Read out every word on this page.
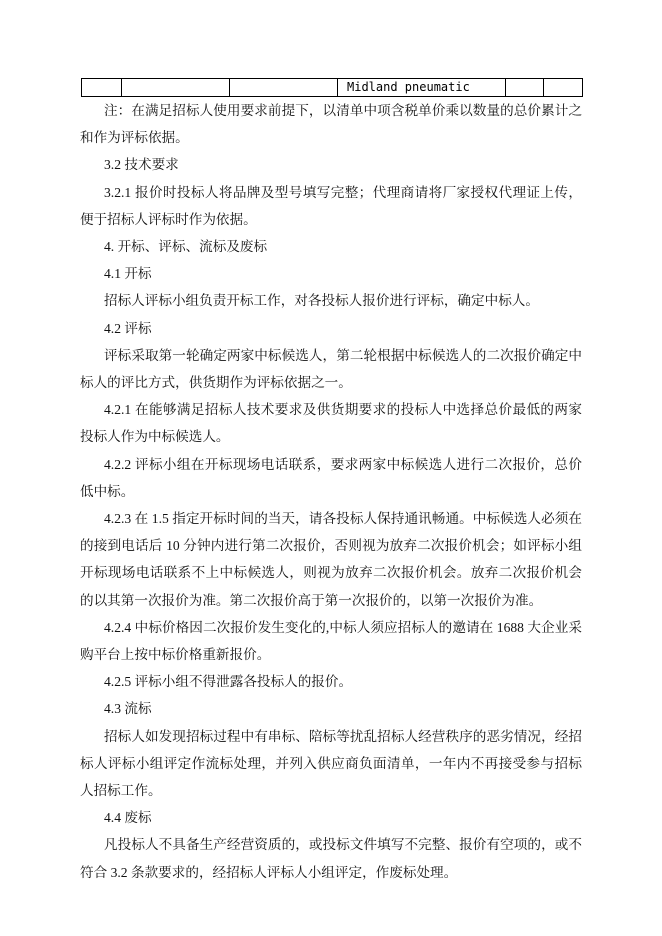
			Midland pneumatic		

注：在满足招标人使用要求前提下，以清单中项含税单价乘以数量的总价累计之和作为评标依据。

3.2 技术要求

3.2.1 报价时投标人将品牌及型号填写完整；代理商请将厂家授权代理证上传，便于招标人评标时作为依据。

4. 开标、评标、流标及废标

4.1 开标

招标人评标小组负责开标工作，对各投标人报价进行评标，确定中标人。

4.2 评标

评标采取第一轮确定两家中标候选人，第二轮根据中标候选人的二次报价确定中标人的评比方式，供货期作为评标依据之一。

4.2.1 在能够满足招标人技术要求及供货期要求的投标人中选择总价最低的两家投标人作为中标候选人。

4.2.2 评标小组在开标现场电话联系，要求两家中标候选人进行二次报价，总价低中标。

4.2.3 在 1.5 指定开标时间的当天，请各投标人保持通讯畅通。中标候选人必须在的接到电话后 10 分钟内进行第二次报价，否则视为放弃二次报价机会；如评标小组开标现场电话联系不上中标候选人，则视为放弃二次报价机会。放弃二次报价机会的以其第一次报价为准。第二次报价高于第一次报价的，以第一次报价为准。

4.2.4 中标价格因二次报价发生变化的,中标人须应招标人的邀请在 1688 大企业采购平台上按中标价格重新报价。

4.2.5 评标小组不得泄露各投标人的报价。

4.3 流标

招标人如发现招标过程中有串标、陪标等扰乱招标人经营秩序的恶劣情况，经招标人评标小组评定作流标处理，并列入供应商负面清单，一年内不再接受参与招标人招标工作。

4.4 废标

凡投标人不具备生产经营资质的，或投标文件填写不完整、报价有空项的，或不符合 3.2 条款要求的，经招标人评标人小组评定，作废标处理。
